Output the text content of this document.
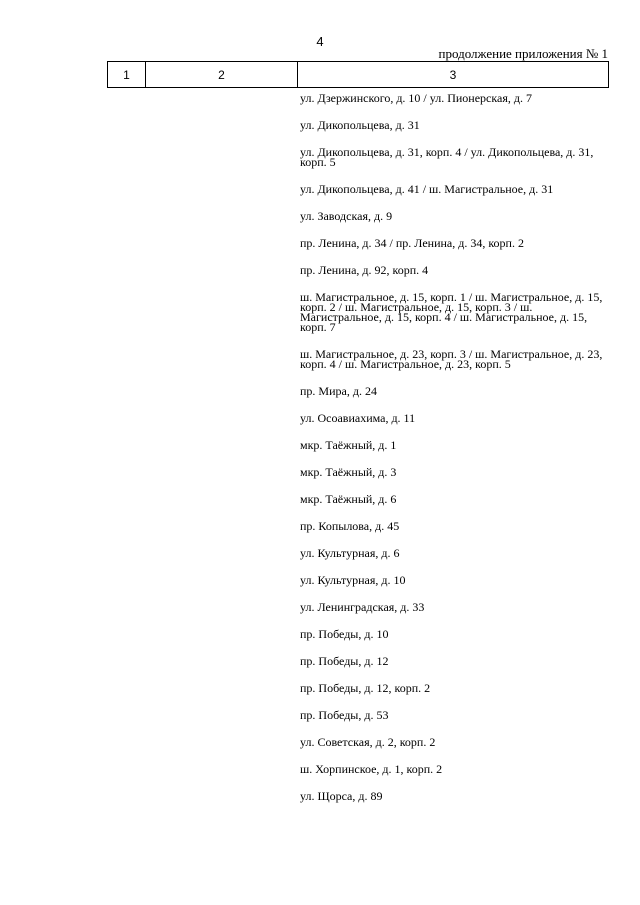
4
продолжение приложения № 1
1	2	3
ул. Дзержинского, д. 10 / ул. Пионерская, д. 7
ул. Дикопольцева, д. 31
ул. Дикопольцева, д. 31, корп. 4 / ул. Дикопольцева, д. 31, корп. 5
ул. Дикопольцева, д. 41 / ш. Магистральное, д. 31
ул. Заводская, д. 9
пр. Ленина, д. 34 / пр. Ленина, д. 34, корп. 2
пр. Ленина, д. 92, корп. 4
ш. Магистральное, д. 15, корп. 1 / ш. Магистральное, д. 15, корп. 2 / ш. Магистральное, д. 15, корп. 3 / ш. Магистральное, д. 15, корп. 4 / ш. Магистральное, д. 15, корп. 7
ш. Магистральное, д. 23, корп. 3 / ш. Магистральное, д. 23, корп. 4 / ш. Магистральное, д. 23, корп. 5
пр. Мира, д. 24
ул. Осоавиахима, д. 11
мкр. Таёжный, д. 1
мкр. Таёжный, д. 3
мкр. Таёжный, д. 6
пр. Копылова, д. 45
ул. Культурная, д. 6
ул. Культурная, д. 10
ул. Ленинградская, д. 33
пр. Победы, д. 10
пр. Победы, д. 12
пр. Победы, д. 12, корп. 2
пр. Победы, д. 53
ул. Советская, д. 2, корп. 2
ш. Хорпинское, д. 1, корп. 2
ул. Щорса, д. 89
